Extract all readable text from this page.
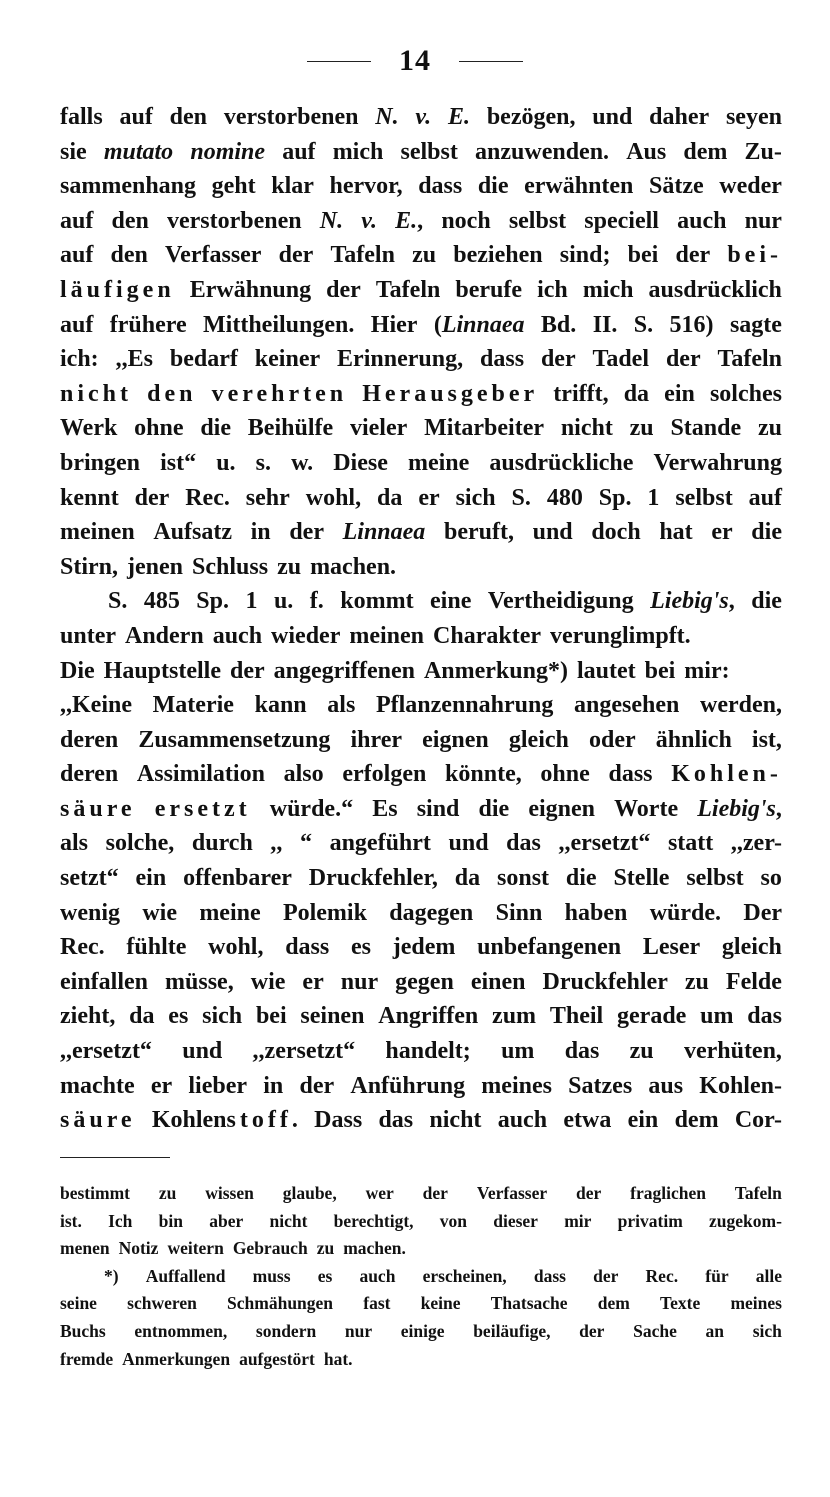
14
falls auf den verstorbenen N. v. E. bezögen, und daher seyen
sie mutato nomine auf mich selbst anzuwenden. Aus dem Zu-
sammenhang geht klar hervor, dass die erwähnten Sätze weder
auf den verstorbenen N. v. E., noch selbst speciell auch nur
auf den Verfasser der Tafeln zu beziehen sind; bei der bei-
läufigen Erwähnung der Tafeln berufe ich mich ausdrücklich
auf frühere Mittheilungen. Hier (Linnaea Bd. II. S. 516) sagte
ich: ,,Es bedarf keiner Erinnerung, dass der Tadel der Tafeln
nicht den verehrten Herausgeber trifft, da ein solches
Werk ohne die Beihülfe vieler Mitarbeiter nicht zu Stande zu
bringen ist“ u. s. w. Diese meine ausdrückliche Verwahrung
kennt der Rec. sehr wohl, da er sich S. 480 Sp. 1 selbst auf
meinen Aufsatz in der Linnaea beruft, und doch hat er die
Stirn, jenen Schluss zu machen.
S. 485 Sp. 1 u. f. kommt eine Vertheidigung Liebig's, die
unter Andern auch wieder meinen Charakter verunglimpft.
Die Hauptstelle der angegriffenen Anmerkung*) lautet bei mir:
,,Keine Materie kann als Pflanzennahrung angesehen werden,
deren Zusammensetzung ihrer eignen gleich oder ähnlich ist,
deren Assimilation also erfolgen könnte, ohne dass Kohlen-
säure ersetzt würde.“ Es sind die eignen Worte Liebig's,
als solche, durch ,, “ angeführt und das ,,ersetzt“ statt ,,zer-
setzt“ ein offenbarer Druckfehler, da sonst die Stelle selbst so
wenig wie meine Polemik dagegen Sinn haben würde. Der
Rec. fühlte wohl, dass es jedem unbefangenen Leser gleich
einfallen müsse, wie er nur gegen einen Druckfehler zu Felde
zieht, da es sich bei seinen Angriffen zum Theil gerade um das
,,ersetzt“ und ,,zersetzt“ handelt; um das zu verhüten,
machte er lieber in der Anführung meines Satzes aus Kohlen-
säure Kohlenstoff. Dass das nicht auch etwa ein dem Cor-
bestimmt zu wissen glaube, wer der Verfasser der fraglichen Tafeln
ist. Ich bin aber nicht berechtigt, von dieser mir privatim zugekom-
menen Notiz weitern Gebrauch zu machen.
*) Auffallend muss es auch erscheinen, dass der Rec. für alle
seine schweren Schmähungen fast keine Thatsache dem Texte meines
Buchs entnommen, sondern nur einige beiläufige, der Sache an sich
fremde Anmerkungen aufgestört hat.
